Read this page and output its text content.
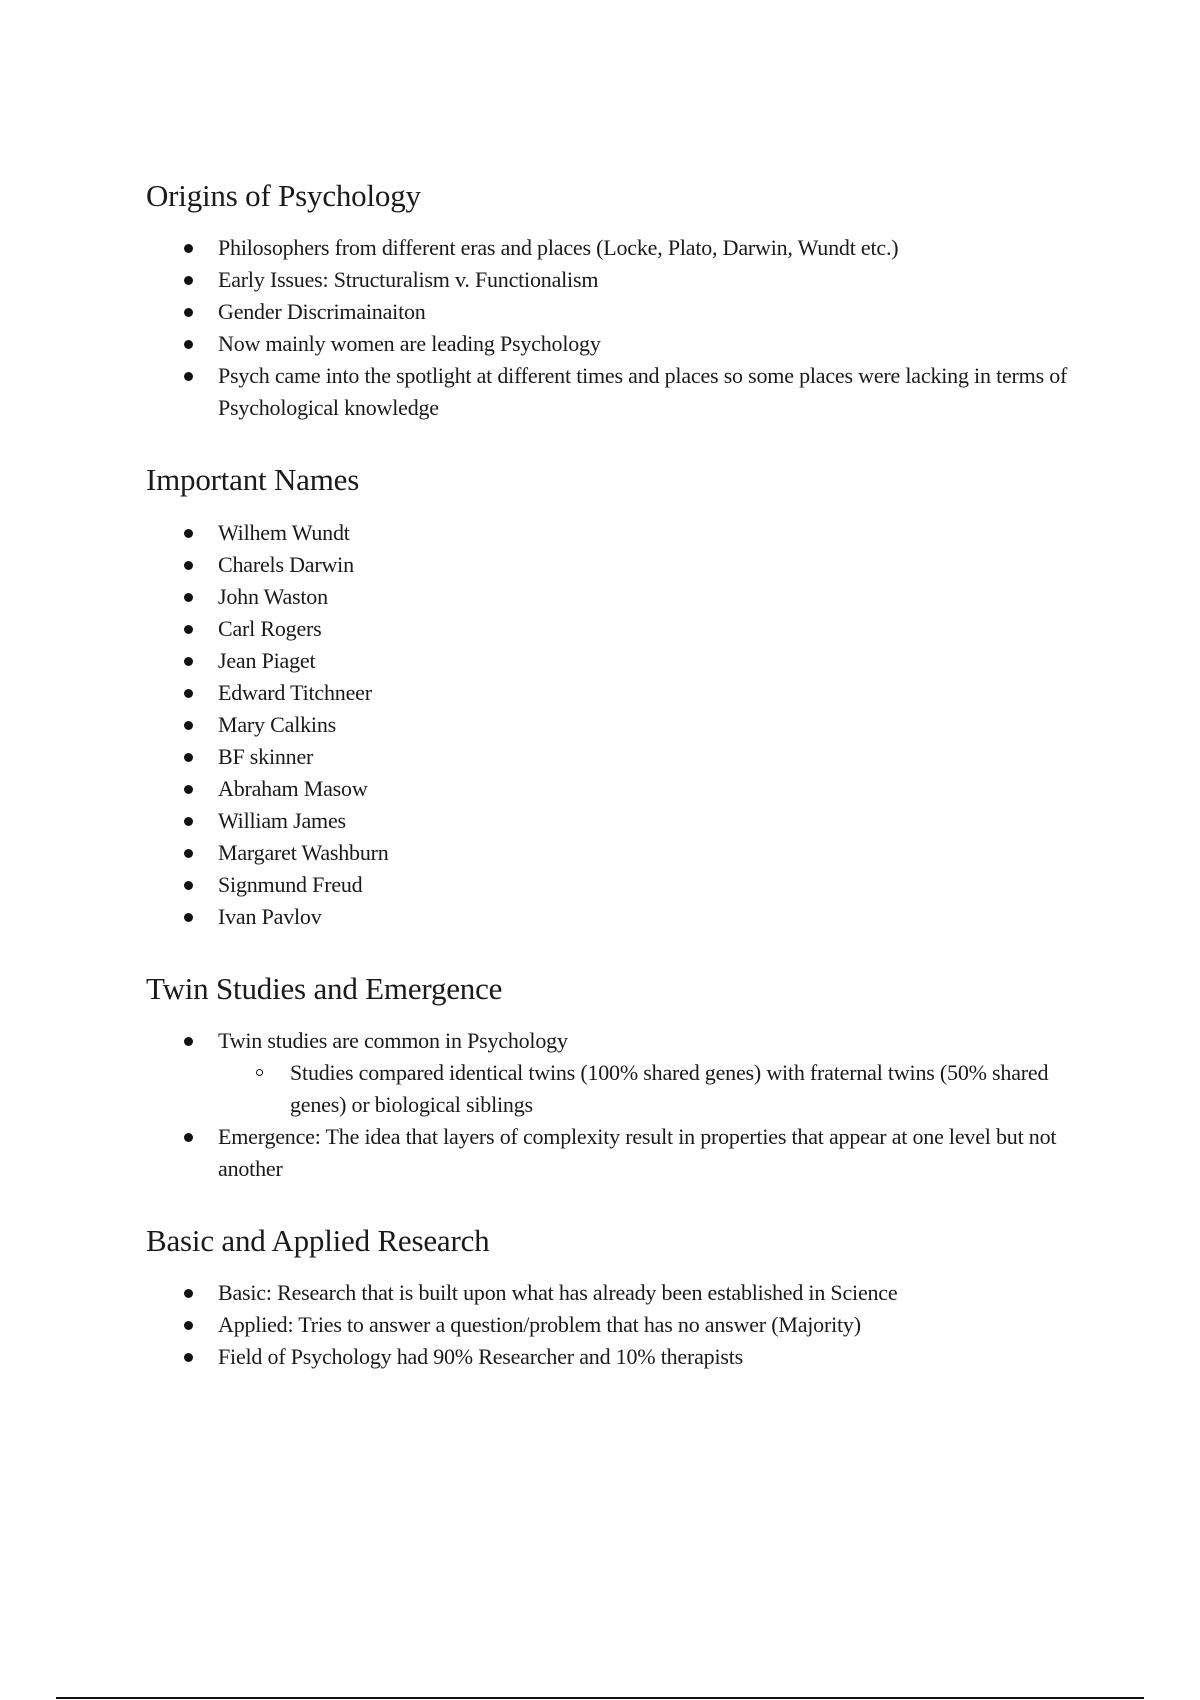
Origins of Psychology
Philosophers from different eras and places (Locke, Plato, Darwin, Wundt etc.)
Early Issues: Structuralism v. Functionalism
Gender Discrimainaiton
Now mainly women are leading Psychology
Psych came into the spotlight at different times and places so some places were lacking in terms of Psychological knowledge
Important Names
Wilhem Wundt
Charels Darwin
John Waston
Carl Rogers
Jean Piaget
Edward Titchneer
Mary Calkins
BF skinner
Abraham Masow
William James
Margaret Washburn
Signmund Freud
Ivan Pavlov
Twin Studies and Emergence
Twin studies are common in Psychology
Studies compared identical twins (100% shared genes) with fraternal twins (50% shared genes) or biological siblings
Emergence: The idea that layers of complexity result in properties that appear at one level but not another
Basic and Applied Research
Basic: Research that is built upon what has already been established in Science
Applied: Tries to answer a question/problem that has no answer (Majority)
Field of Psychology had 90% Researcher and 10% therapists
